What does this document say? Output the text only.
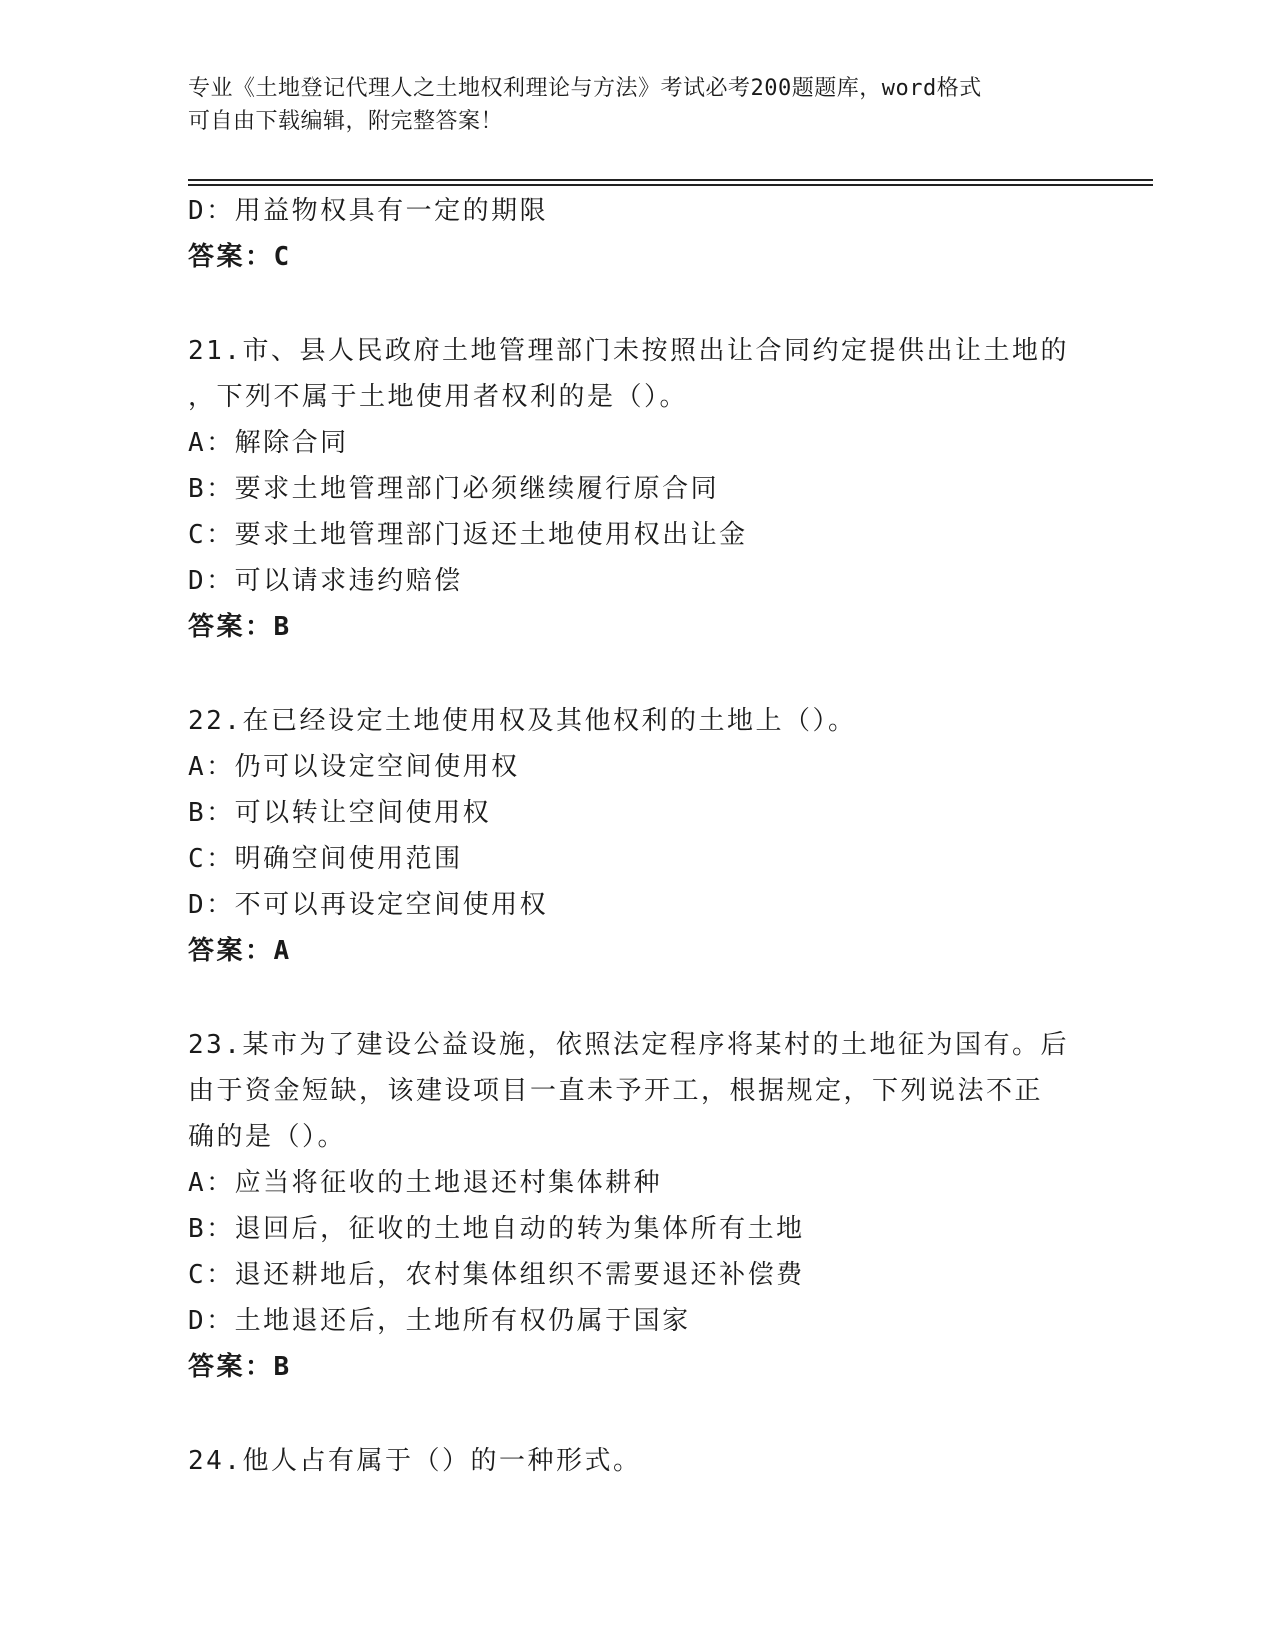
专业《土地登记代理人之土地权利理论与方法》考试必考200题题库，word格式
可自由下载编辑，附完整答案！
D：用益物权具有一定的期限
答案：C
21.市、县人民政府土地管理部门未按照出让合同约定提供出让土地的
，下列不属于土地使用者权利的是（）。
A：解除合同
B：要求土地管理部门必须继续履行原合同
C：要求土地管理部门返还土地使用权出让金
D：可以请求违约赔偿
答案：B
22.在已经设定土地使用权及其他权利的土地上（）。
A：仍可以设定空间使用权
B：可以转让空间使用权
C：明确空间使用范围
D：不可以再设定空间使用权
答案：A
23.某市为了建设公益设施，依照法定程序将某村的土地征为国有。后
由于资金短缺，该建设项目一直未予开工，根据规定，下列说法不正
确的是（）。
A：应当将征收的土地退还村集体耕种
B：退回后，征收的土地自动的转为集体所有土地
C：退还耕地后，农村集体组织不需要退还补偿费
D：土地退还后，土地所有权仍属于国家
答案：B
24.他人占有属于（）的一种形式。
